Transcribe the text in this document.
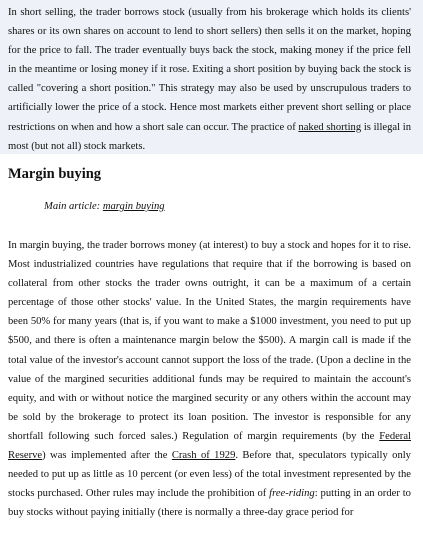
In short selling, the trader borrows stock (usually from his brokerage which holds its clients' shares or its own shares on account to lend to short sellers) then sells it on the market, hoping for the price to fall. The trader eventually buys back the stock, making money if the price fell in the meantime or losing money if it rose. Exiting a short position by buying back the stock is called "covering a short position." This strategy may also be used by unscrupulous traders to artificially lower the price of a stock. Hence most markets either prevent short selling or place restrictions on when and how a short sale can occur. The practice of naked shorting is illegal in most (but not all) stock markets.

Margin buying

Main article: margin buying

In margin buying, the trader borrows money (at interest) to buy a stock and hopes for it to rise. Most industrialized countries have regulations that require that if the borrowing is based on collateral from other stocks the trader owns outright, it can be a maximum of a certain percentage of those other stocks' value. In the United States, the margin requirements have been 50% for many years (that is, if you want to make a $1000 investment, you need to put up $500, and there is often a maintenance margin below the $500). A margin call is made if the total value of the investor's account cannot support the loss of the trade. (Upon a decline in the value of the margined securities additional funds may be required to maintain the account's equity, and with or without notice the margined security or any others within the account may be sold by the brokerage to protect its loan position. The investor is responsible for any shortfall following such forced sales.) Regulation of margin requirements (by the Federal Reserve) was implemented after the Crash of 1929. Before that, speculators typically only needed to put up as little as 10 percent (or even less) of the total investment represented by the stocks purchased. Other rules may include the prohibition of free-riding: putting in an order to buy stocks without paying initially (there is normally a three-day grace period for
